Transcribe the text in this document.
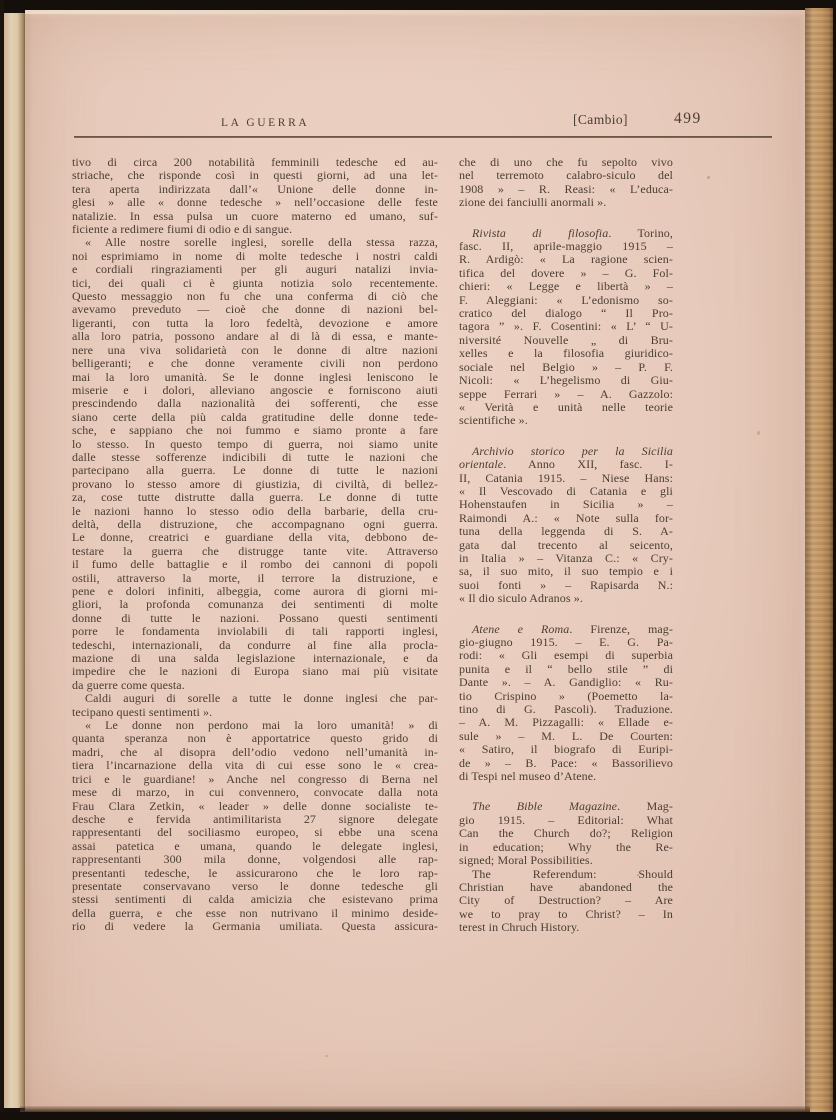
LA GUERRA	[Cambio]	499
tivo di circa 200 notabilità femminili tedesche ed au-
striache, che risponde così in questi giorni, ad una let-
tera aperta indirizzata dall’« Unione delle donne in-
glesi » alle « donne tedesche » nell’occasione delle feste
natalizie. In essa pulsa un cuore materno ed umano, suf-
ficiente a redimere fiumi di odio e di sangue.
« Alle nostre sorelle inglesi, sorelle della stessa razza,
noi esprimiamo in nome di molte tedesche i nostri caldi
e cordiali ringraziamenti per gli auguri natalizi invia-
tici, dei quali ci è giunta notizia solo recentemente.
Questo messaggio non fu che una conferma di ciò che
avevamo preveduto — cioè che donne di nazioni bel-
ligeranti, con tutta la loro fedeltà, devozione e amore
alla loro patria, possono andare al di là di essa, e mante-
nere una viva solidarietà con le donne di altre nazioni
belligeranti; e che donne veramente civili non perdono
mai la loro umanità. Se le donne inglesi leniscono le
miserie e i dolori, alleviano angoscie e forniscono aiuti
prescindendo dalla nazionalità dei sofferenti, che esse
siano certe della più calda gratitudine delle donne tede-
sche, e sappiano che noi fummo e siamo pronte a fare
lo stesso. In questo tempo di guerra, noi siamo unite
dalle stesse sofferenze indicibili di tutte le nazioni che
partecipano alla guerra. Le donne di tutte le nazioni
provano lo stesso amore di giustizia, di civiltà, di bellez-
za, cose tutte distrutte dalla guerra. Le donne di tutte
le nazioni hanno lo stesso odio della barbarie, della cru-
deltà, della distruzione, che accompagnano ogni guerra.
Le donne, creatrici e guardiane della vita, debbono de-
testare la guerra che distrugge tante vite. Attraverso
il fumo delle battaglie e il rombo dei cannoni di popoli
ostili, attraverso la morte, il terrore la distruzione, e
pene e dolori infiniti, albeggia, come aurora di giorni mi-
gliori, la profonda comunanza dei sentimenti di molte
donne di tutte le nazioni. Possano questi sentimenti
porre le fondamenta inviolabili di tali rapporti inglesi,
tedeschi, internazionali, da condurre al fine alla procla-
mazione di una salda legislazione internazionale, e da
impedire che le nazioni di Europa siano mai più visitate
da guerre come questa.
Caldi auguri di sorelle a tutte le donne inglesi che par-
tecipano questi sentimenti ».
« Le donne non perdono mai la loro umanità! » di
quanta speranza non è apportatrice questo grido di
madri, che al disopra dell’odio vedono nell’umanità in-
tiera l’incarnazione della vita di cui esse sono le « crea-
trici e le guardiane! » Anche nel congresso di Berna nel
mese di marzo, in cui convennero, convocate dalla nota
Frau Clara Zetkin, « leader » delle donne socialiste te-
desche e fervida antimilitarista 27 signore delegate
rappresentanti del sociliasmo europeo, si ebbe una scena
assai patetica e umana, quando le delegate inglesi,
rappresentanti 300 mila donne, volgendosi alle rap-
presentanti tedesche, le assicurarono che le loro rap-
presentate conservavano verso le donne tedesche gli
stessi sentimenti di calda amicizia che esistevano prima
della guerra, e che esse non nutrivano il minimo deside-
rio di vedere la Germania umiliata. Questa assicura-
che di uno che fu sepolto vivo
nel terremoto calabro-siculo del
1908 » – R. Reasi: « L’educa-
zione dei fanciulli anormali ».
Rivista di filosofia. Torino,
fasc. II, aprile-maggio 1915 –
R. Ardigò: « La ragione scien-
tifica del dovere » – G. Fol-
chieri: « Legge e libertà » –
F. Aleggiani: « L’edonismo so-
cratico del dialogo “ Il Pro-
tagora ” ». F. Cosentini: « L’ “ U-
niversité Nouvelle „ di Bru-
xelles e la filosofia giuridico-
sociale nel Belgio » – P. F.
Nicoli: « L’hegelismo di Giu-
seppe Ferrari » – A. Gazzolo:
« Verità e unità nelle teorie
scientifiche ».
Archivio storico per la Sicilia
orientale. Anno XII, fasc. I-
II, Catania 1915. – Niese Hans:
« Il Vescovado di Catania e gli
Hohenstaufen in Sicilia » –
Raimondi A.: « Note sulla for-
tuna della leggenda di S. A-
gata dal trecento al seicento,
in Italia » – Vitanza C.: « Cry-
sa, il suo mito, il suo tempio e i
suoi fonti » – Rapisarda N.:
« Il dio siculo Adranos ».
Atene e Roma. Firenze, mag-
gio-giugno 1915. – E. G. Pa-
rodi: « Gli esempi di superbia
punita e il “ bello stile ” di
Dante ». – A. Gandiglio: « Ru-
tio Crispino » (Poemetto la-
tino di G. Pascoli). Traduzione.
– A. M. Pizzagalli: « Ellade e-
sule » – M. L. De Courten:
« Satiro, il biografo di Euripi-
de » – B. Pace: « Bassorilievo
di Tespi nel museo d’Atene.
The Bible Magazine. Mag-
gio 1915. – Editorial: What
Can the Church do?; Religion
in education; Why the Re-
signed; Moral Possibilities.
The Referendum: Should
Christian have abandoned the
City of Destruction? – Are
we to pray to Christ? – In
terest in Chruch History.
